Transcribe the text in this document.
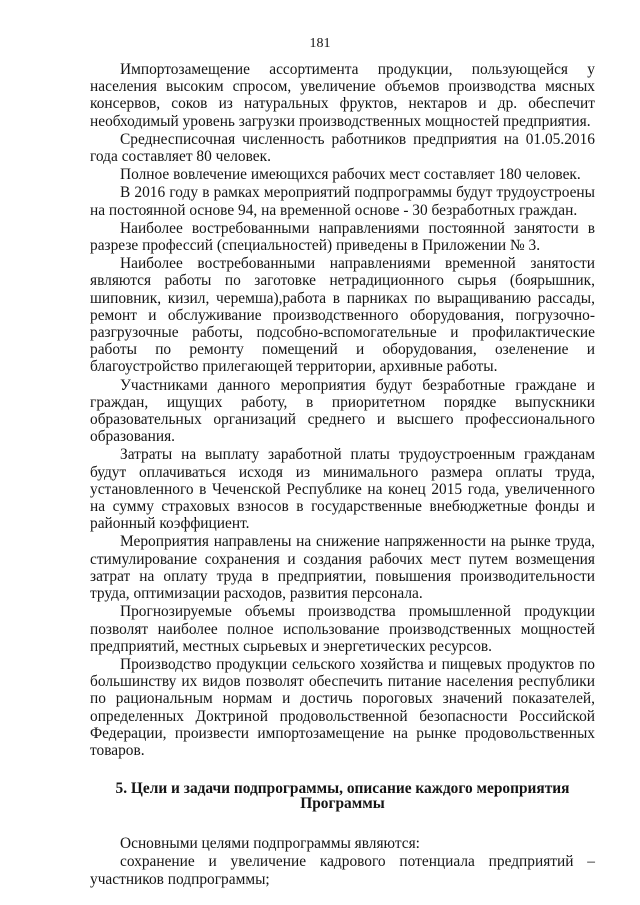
181

Импортозамещение ассортимента продукции, пользующейся у населения высоким спросом, увеличение объемов производства мясных консервов, соков из натуральных фруктов, нектаров и др. обеспечит необходимый уровень загрузки производственных мощностей предприятия.

Среднесписочная численность работников предприятия на 01.05.2016 года составляет 80 человек.

Полное вовлечение имеющихся рабочих мест составляет 180 человек.

В 2016 году в рамках мероприятий подпрограммы будут трудоустроены на постоянной основе 94, на временной основе - 30 безработных граждан.

Наиболее востребованными направлениями постоянной занятости в разрезе профессий (специальностей) приведены в Приложении № 3.

Наиболее востребованными направлениями временной занятости являются работы по заготовке нетрадиционного сырья (боярышник, шиповник, кизил, черемша),работа в парниках по выращиванию рассады, ремонт и обслуживание производственного оборудования, погрузочно-разгрузочные работы, подсобно-вспомогательные и профилактические работы по ремонту помещений и оборудования, озеленение и благоустройство прилегающей территории, архивные работы.

Участниками данного мероприятия будут безработные граждане и граждан, ищущих работу, в приоритетном порядке выпускники образовательных организаций среднего и высшего профессионального образования.

Затраты на выплату заработной платы трудоустроенным гражданам будут оплачиваться исходя из минимального размера оплаты труда, установленного в Чеченской Республике на конец 2015 года, увеличенного на сумму страховых взносов в государственные внебюджетные фонды и районный коэффициент.

Мероприятия направлены на снижение напряженности на рынке труда, стимулирование сохранения и создания рабочих мест путем возмещения затрат на оплату труда в предприятии, повышения производительности труда, оптимизации расходов, развития персонала.

Прогнозируемые объемы производства промышленной продукции позволят наиболее полное использование производственных мощностей предприятий, местных сырьевых и энергетических ресурсов.

Производство продукции сельского хозяйства и пищевых продуктов по большинству их видов позволят обеспечить питание населения республики по рациональным нормам и достичь пороговых значений показателей, определенных Доктриной продовольственной безопасности Российской Федерации, произвести импортозамещение на рынке продовольственных товаров.

5. Цели и задачи подпрограммы, описание каждого мероприятия
Программы

Основными целями подпрограммы являются:

сохранение и увеличение кадрового потенциала предприятий – участников подпрограммы;
